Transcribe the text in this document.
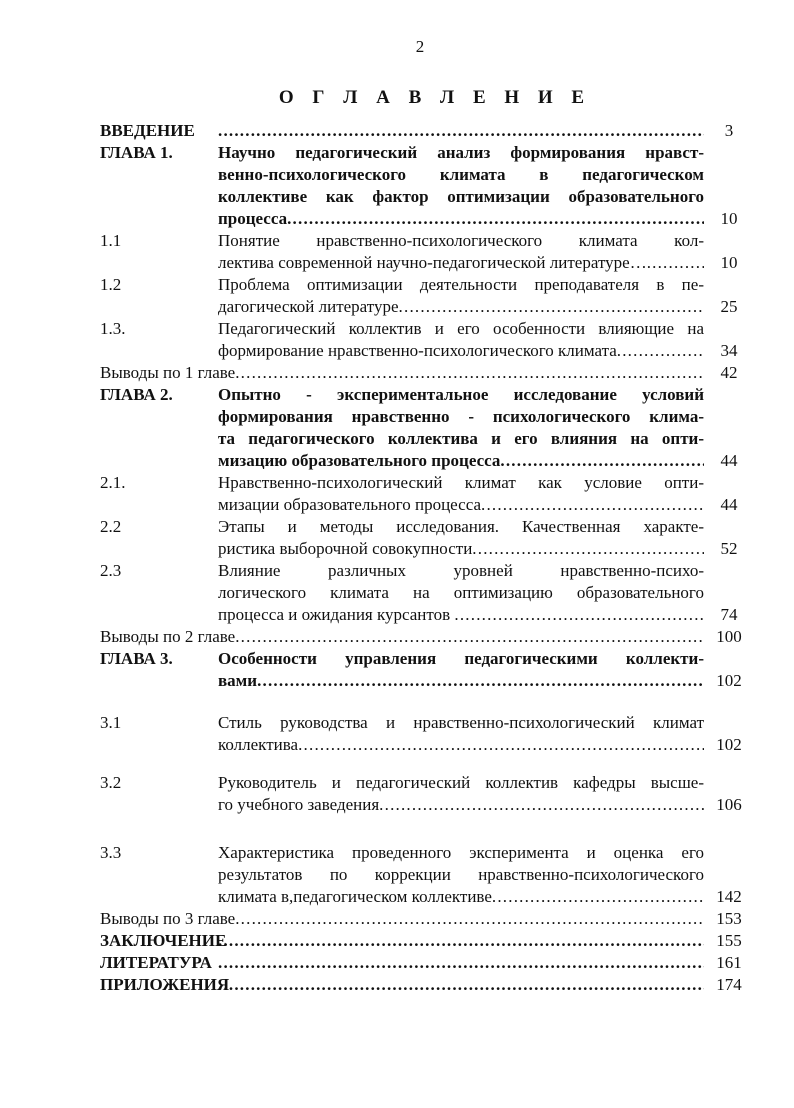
2
О Г Л А В Л Е Н И Е
ВВЕДЕНИЕ .....	3
ГЛАВА 1.	Научно педагогический анализ формирования нравст-
венно-психологического климата в педагогическом
коллективе как фактор оптимизации образовательного
процесса .....	10
1.1	Понятие нравственно-психологического климата кол-
лектива современной научно-педагогической литературе… .....	10
1.2	Проблема оптимизации деятельности преподавателя в пе-
дагогической литературе .....	25
1.3.	Педагогический коллектив и его особенности влияющие на
формирование нравственно-психологического климата .....	34
Выводы по 1 главе .....	42
ГЛАВА 2.	Опытно - экспериментальное исследование условий
формирования нравственно - психологического клима-
та педагогического коллектива и его влияния на опти-
мизацию образовательного процесса .....	44
2.1.	Нравственно-психологический климат как условие опти-
мизации образовательного процесса .....	44
2.2	Этапы и методы исследования. Качественная характе-
ристика выборочной совокупности .....	52
2.3	Влияние различных уровней нравственно-психо-
логического климата на оптимизацию образовательного
процесса и ожидания курсантов .....	74
Выводы по 2 главе .....	100
ГЛАВА 3.	Особенности управления педагогическими коллекти-
вами .....	102
3.1	Стиль руководства и нравственно-психологический климат
коллектива .....	102
3.2	Руководитель и педагогический коллектив кафедры высше-
го учебного заведения .....	106
3.3	Характеристика проведенного эксперимента и оценка его
результатов по коррекции нравственно-психологического
климата в,педагогическом коллективе .....	142
Выводы по 3 главе .....	153
ЗАКЛЮЧЕНИЕ .....	155
ЛИТЕРАТУРА .....	161
ПРИЛОЖЕНИЯ .....	174
